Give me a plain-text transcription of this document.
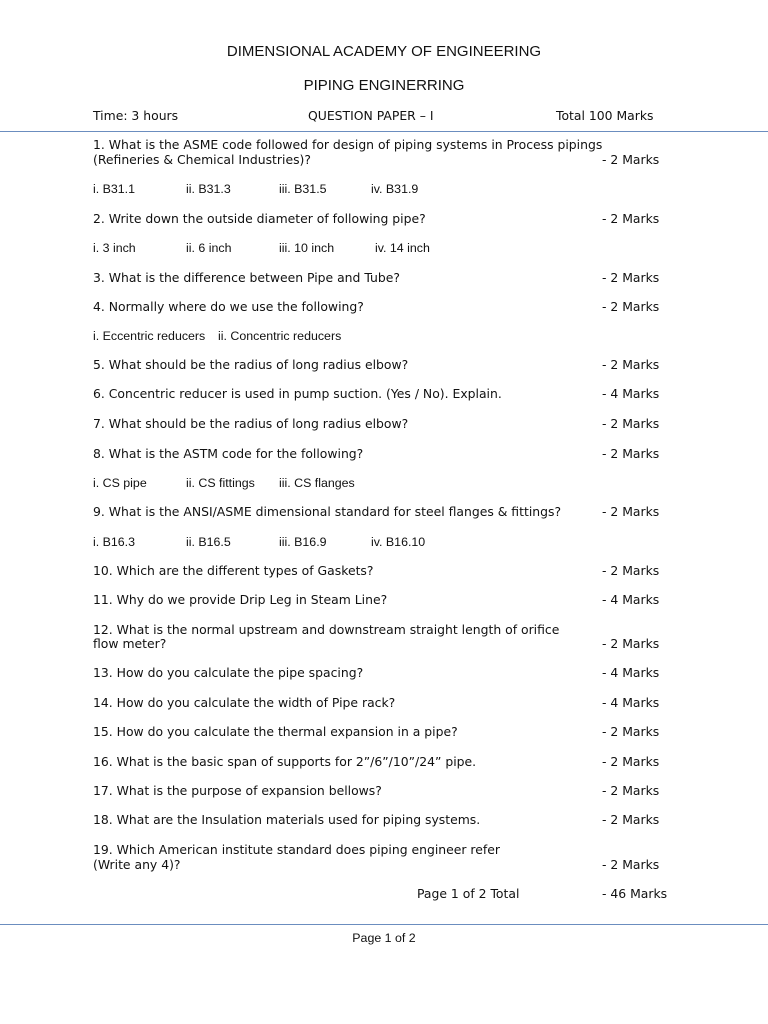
DIMENSIONAL ACADEMY OF ENGINEERING
PIPING ENGINERRING
Time: 3 hours	QUESTION PAPER – I	Total 100 Marks
1. What is the ASME code followed for design of piping systems in Process pipings
(Refineries & Chemical Industries)?	- 2 Marks
i. B31.1	ii. B31.3	iii. B31.5	iv. B31.9
2. Write down the outside diameter of following pipe?	- 2 Marks
i. 3 inch	ii. 6 inch	iii. 10 inch	iv. 14 inch
3. What is the difference between Pipe and Tube?	- 2 Marks
4. Normally where do we use the following?	- 2 Marks
i. Eccentric reducers ii. Concentric reducers
5. What should be the radius of long radius elbow?	- 2 Marks
6. Concentric reducer is used in pump suction. (Yes / No). Explain.	- 4 Marks
7. What should be the radius of long radius elbow?	- 2 Marks
8. What is the ASTM code for the following?	- 2 Marks
i. CS pipe	ii. CS fittings iii. CS flanges
9. What is the ANSI/ASME dimensional standard for steel flanges & fittings?	- 2 Marks
i. B16.3	ii. B16.5	iii. B16.9	iv. B16.10
10. Which are the different types of Gaskets?	- 2 Marks
11. Why do we provide Drip Leg in Steam Line?	- 4 Marks
12. What is the normal upstream and downstream straight length of orifice
flow meter?	- 2 Marks
13. How do you calculate the pipe spacing?	- 4 Marks
14. How do you calculate the width of Pipe rack?	- 4 Marks
15. How do you calculate the thermal expansion in a pipe?	- 2 Marks
16. What is the basic span of supports for 2”/6”/10”/24” pipe.	- 2 Marks
17. What is the purpose of expansion bellows?	- 2 Marks
18. What are the Insulation materials used for piping systems.	- 2 Marks
19. Which American institute standard does piping engineer refer
(Write any 4)?	- 2 Marks
Page 1 of 2 Total	- 46 Marks
Page 1 of 2
